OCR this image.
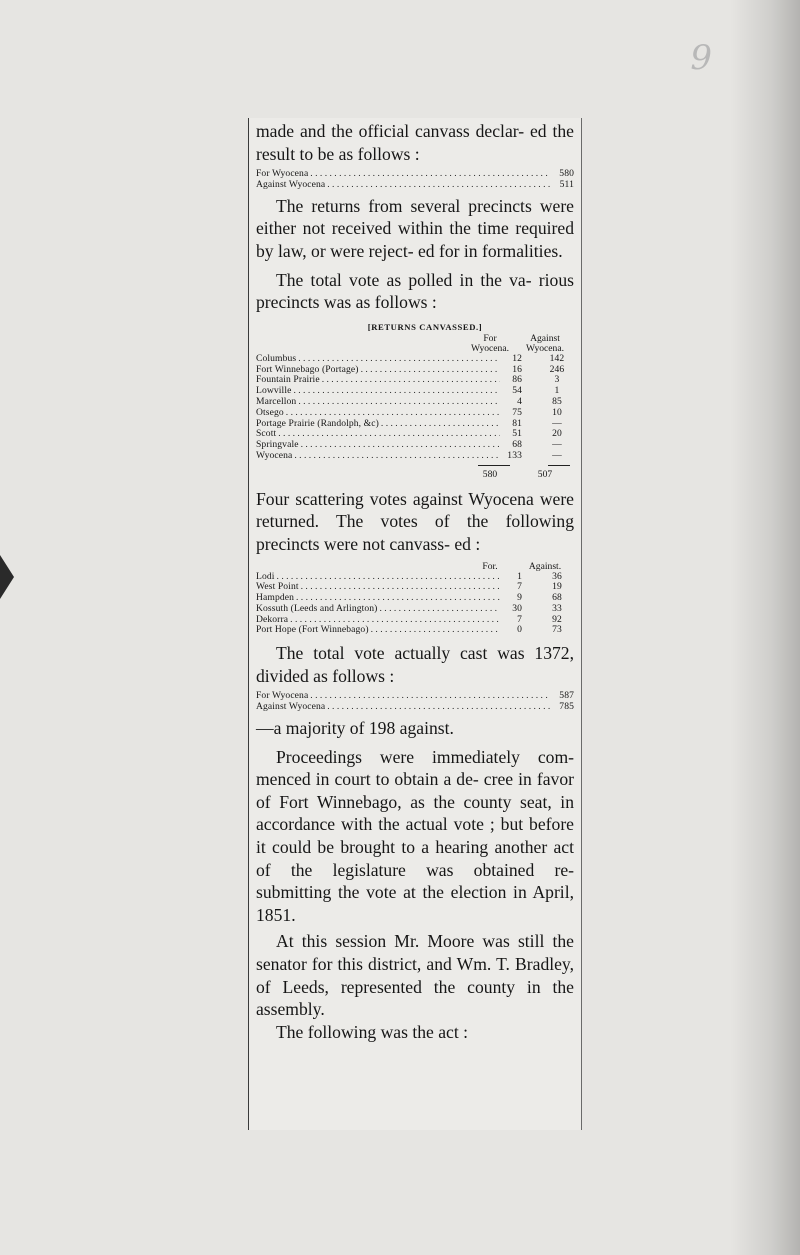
9

made and the official canvass declar- ed the result to be as follows :

For Wyocena . . .	580
Against Wyocena . . .	511

The returns from several precincts were either not received within the time required by law, or were reject- ed for in formalities.

The total vote as polled in the va- rious precincts was as follows :

[RETURNS CANVASSED.]
For Wyocena.
Against Wyocena.
Columbus . . .	12	142
Fort Winnebago (Portage) . . .	16	246
Fountain Prairie . . .	86	3
Lowville . . .	54	1
Marcellon . . .	4	85
Otsego . . .	75	10
Portage Prairie (Randolph, &c) . . .	81	—
Scott . . .	51	20
Springvale . . .	68	—
Wyocena . . .	133	—
580	507

Four scattering votes against Wyocena were returned. The votes of the following precincts were not canvass- ed :

For.	Against.
Lodi . . .	1	36
West Point . . .	7	19
Hampden . . .	9	68
Kossuth (Leeds and Arlington) . . .	30	33
Dekorra . . .	7	92
Port Hope (Fort Winnebago) . . .	0	73

The total vote actually cast was 1372, divided as follows :

For Wyocena . . .	587
Against Wyocena . . .	785

—a majority of 198 against.

Proceedings were immediately com- menced in court to obtain a de- cree in favor of Fort Winnebago, as the county seat, in accordance with the actual vote ; but before it could be brought to a hearing another act of the legislature was obtained re- submitting the vote at the election in April, 1851.

At this session Mr. Moore was still the senator for this district, and Wm. T. Bradley, of Leeds, represented the county in the assembly.

The following was the act :
